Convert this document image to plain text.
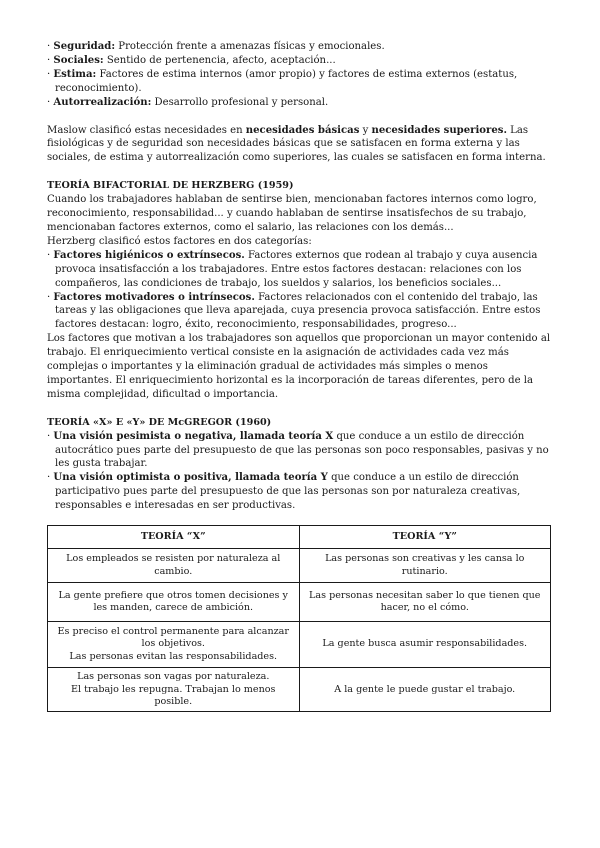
· Seguridad: Protección frente a amenazas físicas y emocionales.

· Sociales: Sentido de pertenencia, afecto, aceptación...

· Estima: Factores de estima internos (amor propio) y factores de estima externos (estatus, reconocimiento).

· Autorrealización: Desarrollo profesional y personal.

Maslow clasificó estas necesidades en necesidades básicas y necesidades superiores. Las fisiológicas y de seguridad son necesidades básicas que se satisfacen en forma externa y las sociales, de estima y autorrealización como superiores, las cuales se satisfacen en forma interna.

TEORÍA BIFACTORIAL DE HERZBERG (1959)

Cuando los trabajadores hablaban de sentirse bien, mencionaban factores internos como logro, reconocimiento, responsabilidad... y cuando hablaban de sentirse insatisfechos de su trabajo, mencionaban factores externos, como el salario, las relaciones con los demás...

Herzberg clasificó estos factores en dos categorías:

· Factores higiénicos o extrínsecos. Factores externos que rodean al trabajo y cuya ausencia provoca insatisfacción a los trabajadores. Entre estos factores destacan: relaciones con los compañeros, las condiciones de trabajo, los sueldos y salarios, los beneficios sociales...

· Factores motivadores o intrínsecos. Factores relacionados con el contenido del trabajo, las tareas y las obligaciones que lleva aparejada, cuya presencia provoca satisfacción. Entre estos factores destacan: logro, éxito, reconocimiento, responsabilidades, progreso...

Los factores que motivan a los trabajadores son aquellos que proporcionan un mayor contenido al trabajo. El enriquecimiento vertical consiste en la asignación de actividades cada vez más complejas o importantes y la eliminación gradual de actividades más simples o menos importantes. El enriquecimiento horizontal es la incorporación de tareas diferentes, pero de la misma complejidad, dificultad o importancia.

TEORÍA «X» E «Y» DE McGREGOR (1960)

· Una visión pesimista o negativa, llamada teoría X que conduce a un estilo de dirección autocrático pues parte del presupuesto de que las personas son poco responsables, pasivas y no les gusta trabajar.

· Una visión optimista o positiva, llamada teoría Y que conduce a un estilo de dirección participativo pues parte del presupuesto de que las personas son por naturaleza creativas, responsables e interesadas en ser productivas.

TEORÍA “X”	TEORÍA “Y”

Los empleados se resisten por naturaleza al cambio.	Las personas son creativas y les cansa lo rutinario.

La gente prefiere que otros tomen decisiones y les manden, carece de ambición.	Las personas necesitan saber lo que tienen que hacer, no el cómo.

Es preciso el control permanente para alcanzar los objetivos.
Las personas evitan las responsabilidades.	La gente busca asumir responsabilidades.

Las personas son vagas por naturaleza.
El trabajo les repugna. Trabajan lo menos posible.	A la gente le puede gustar el trabajo.
